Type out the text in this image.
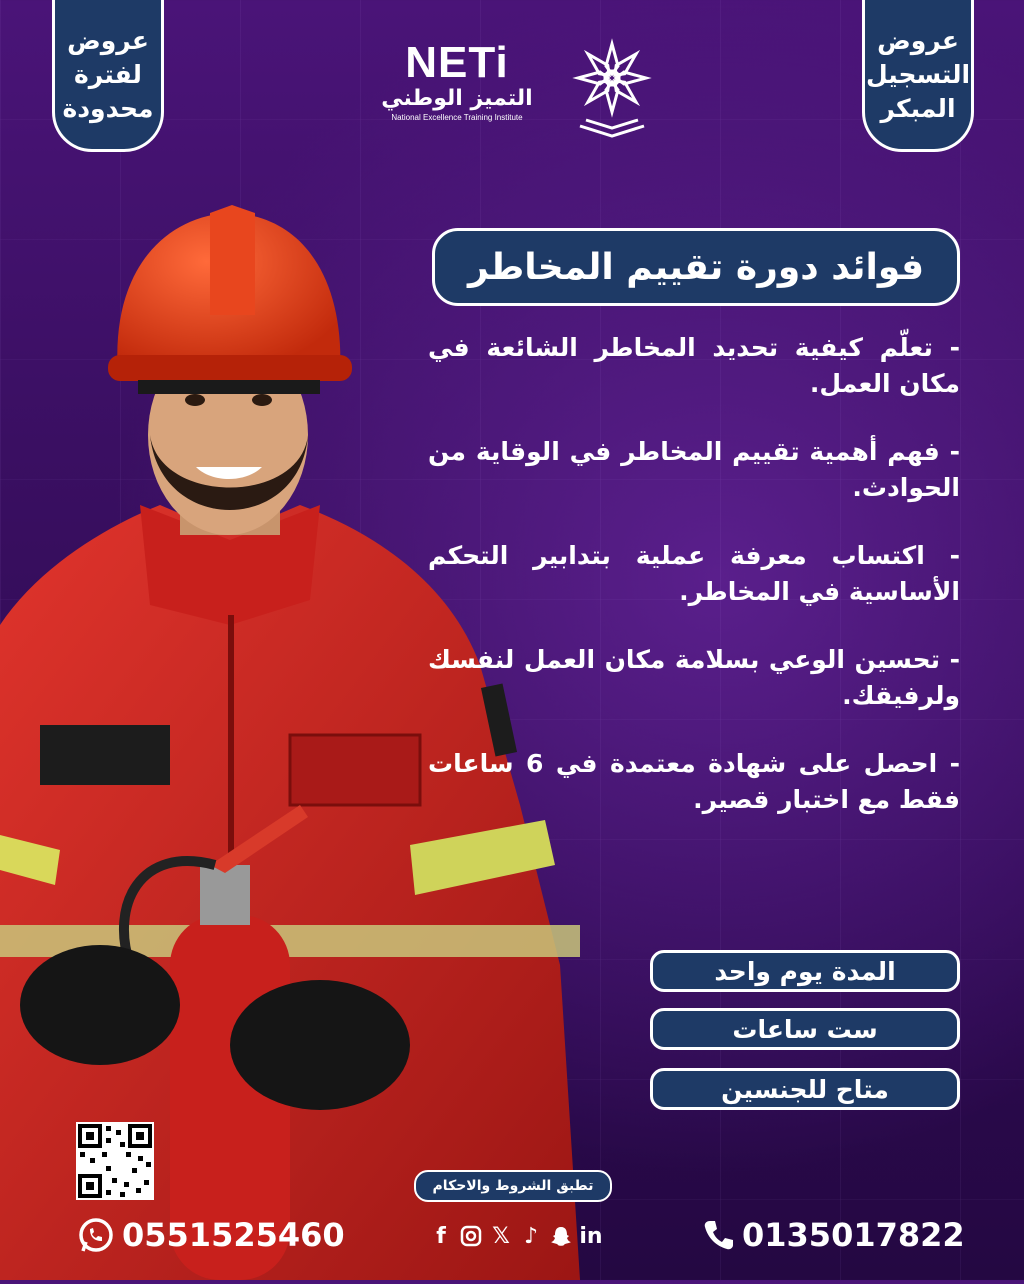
عروض
لفترة
محدودة
عروض
التسجيل
المبكر
NETi
التميز الوطني
National Excellence Training Institute
فوائد دورة تقييم المخاطر
- تعلّم كيفية تحديد المخاطر الشائعة في مكان العمل.
- فهم أهمية تقييم المخاطر في الوقاية من الحوادث.
- اكتساب معرفة عملية بتدابير التحكم الأساسية في المخاطر.
- تحسين الوعي بسلامة مكان العمل لنفسك ولرفيقك.
- احصل على شهادة معتمدة في 6 ساعات فقط مع اختبار قصير.
المدة يوم واحد
ست ساعات
متاح للجنسين
تطبق الشروط والاحكام
0551525460	f	𝕏 ♪ in	0135017822
